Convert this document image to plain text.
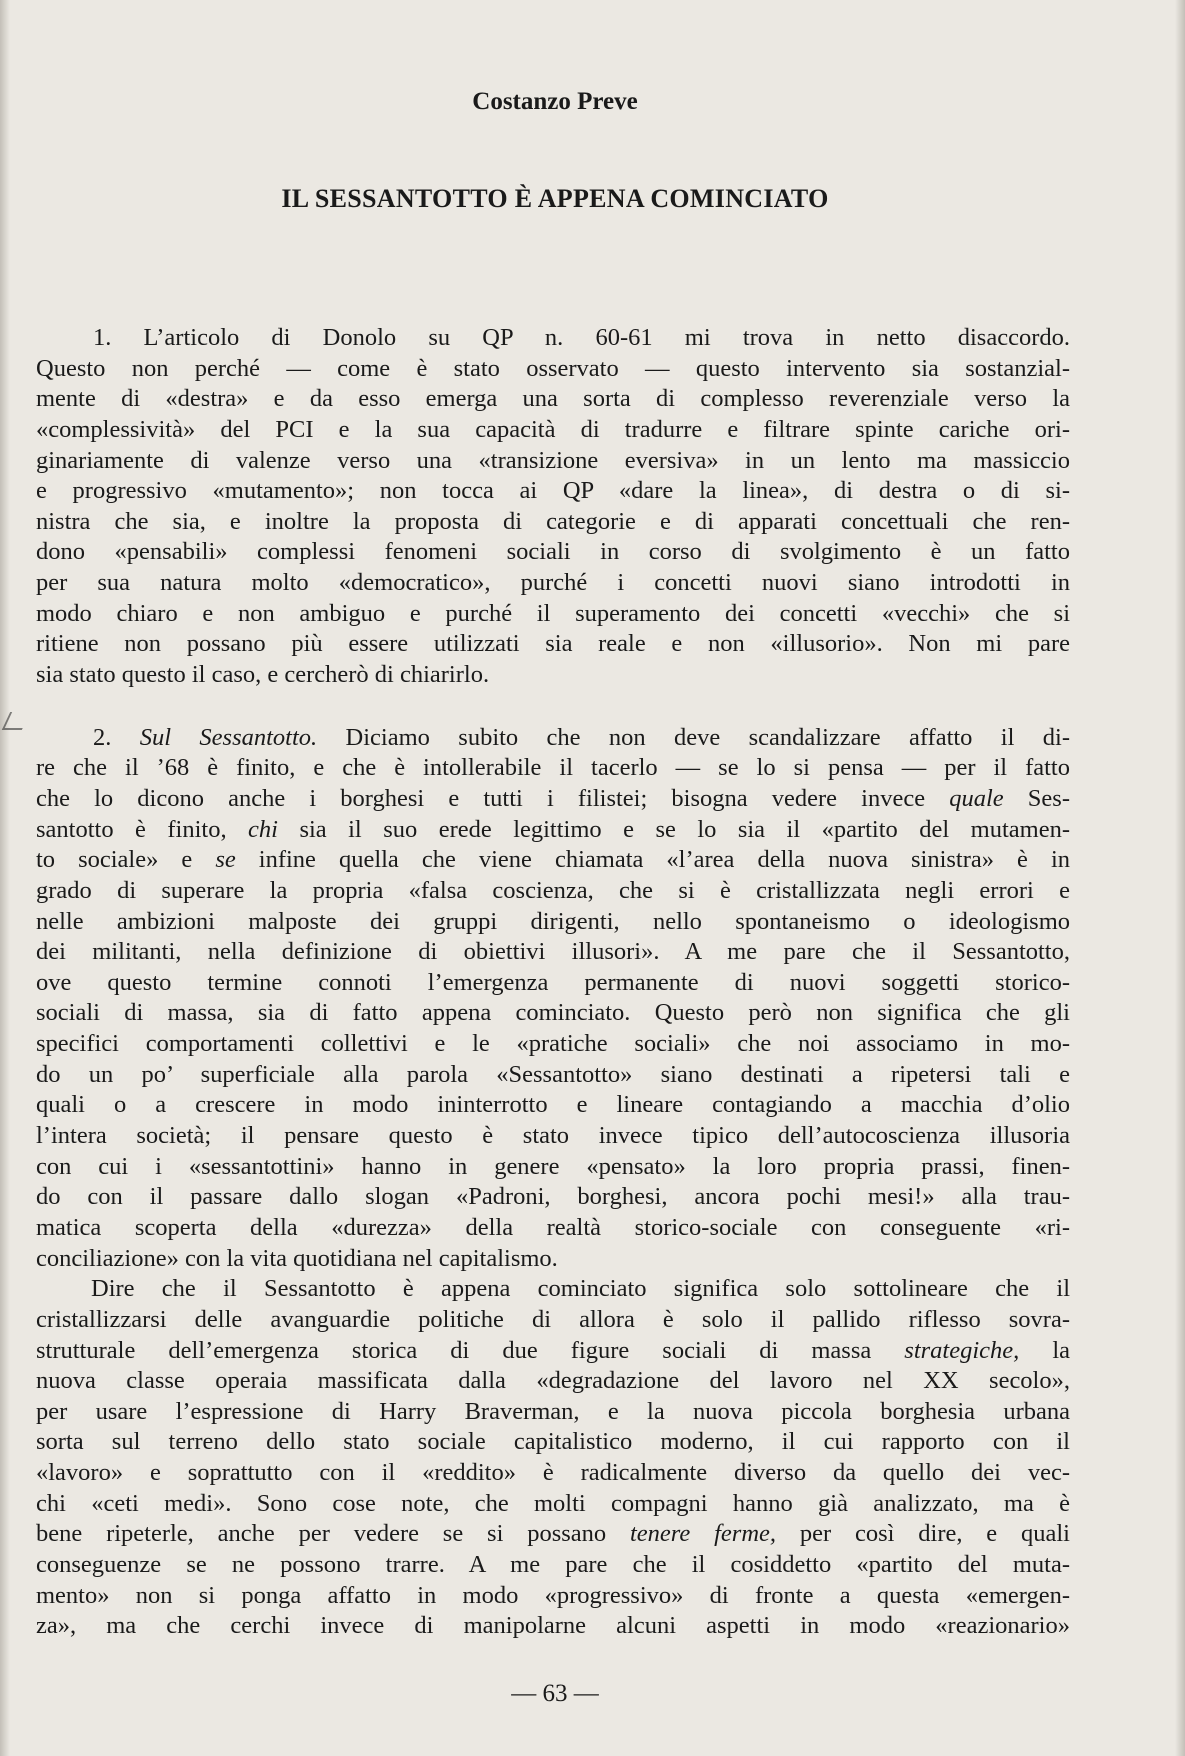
Costanzo Preve
IL SESSANTOTTO È APPENA COMINCIATO
1. L’articolo di Donolo su QP n. 60-61 mi trova in netto disaccordo.
Questo non perché — come è stato osservato — questo intervento sia sostanzial-
mente di «destra» e da esso emerga una sorta di complesso reverenziale verso la
«complessività» del PCI e la sua capacità di tradurre e filtrare spinte cariche ori-
ginariamente di valenze verso una «transizione eversiva» in un lento ma massiccio
e progressivo «mutamento»; non tocca ai QP «dare la linea», di destra o di si-
nistra che sia, e inoltre la proposta di categorie e di apparati concettuali che ren-
dono «pensabili» complessi fenomeni sociali in corso di svolgimento è un fatto
per sua natura molto «democratico», purché i concetti nuovi siano introdotti in
modo chiaro e non ambiguo e purché il superamento dei concetti «vecchi» che si
ritiene non possano più essere utilizzati sia reale e non «illusorio». Non mi pare
sia stato questo il caso, e cercherò di chiarirlo.
2. Sul Sessantotto. Diciamo subito che non deve scandalizzare affatto il di-
re che il ’68 è finito, e che è intollerabile il tacerlo — se lo si pensa — per il fatto
che lo dicono anche i borghesi e tutti i filistei; bisogna vedere invece quale Ses-
santotto è finito, chi sia il suo erede legittimo e se lo sia il «partito del mutamen-
to sociale» e se infine quella che viene chiamata «l’area della nuova sinistra» è in
grado di superare la propria «falsa coscienza, che si è cristallizzata negli errori e
nelle ambizioni malposte dei gruppi dirigenti, nello spontaneismo o ideologismo
dei militanti, nella definizione di obiettivi illusori». A me pare che il Sessantotto,
ove questo termine connoti l’emergenza permanente di nuovi soggetti storico-
sociali di massa, sia di fatto appena cominciato. Questo però non significa che gli
specifici comportamenti collettivi e le «pratiche sociali» che noi associamo in mo-
do un po’ superficiale alla parola «Sessantotto» siano destinati a ripetersi tali e
quali o a crescere in modo ininterrotto e lineare contagiando a macchia d’olio
l’intera società; il pensare questo è stato invece tipico dell’autocoscienza illusoria
con cui i «sessantottini» hanno in genere «pensato» la loro propria prassi, finen-
do con il passare dallo slogan «Padroni, borghesi, ancora pochi mesi!» alla trau-
matica scoperta della «durezza» della realtà storico-sociale con conseguente «ri-
conciliazione» con la vita quotidiana nel capitalismo.
Dire che il Sessantotto è appena cominciato significa solo sottolineare che il
cristallizzarsi delle avanguardie politiche di allora è solo il pallido riflesso sovra-
strutturale dell’emergenza storica di due figure sociali di massa strategiche, la
nuova classe operaia massificata dalla «degradazione del lavoro nel XX secolo»,
per usare l’espressione di Harry Braverman, e la nuova piccola borghesia urbana
sorta sul terreno dello stato sociale capitalistico moderno, il cui rapporto con il
«lavoro» e soprattutto con il «reddito» è radicalmente diverso da quello dei vec-
chi «ceti medi». Sono cose note, che molti compagni hanno già analizzato, ma è
bene ripeterle, anche per vedere se si possano tenere ferme, per così dire, e quali
conseguenze se ne possono trarre. A me pare che il cosiddetto «partito del muta-
mento» non si ponga affatto in modo «progressivo» di fronte a questa «emergen-
za», ma che cerchi invece di manipolarne alcuni aspetti in modo «reazionario»
— 63 —
